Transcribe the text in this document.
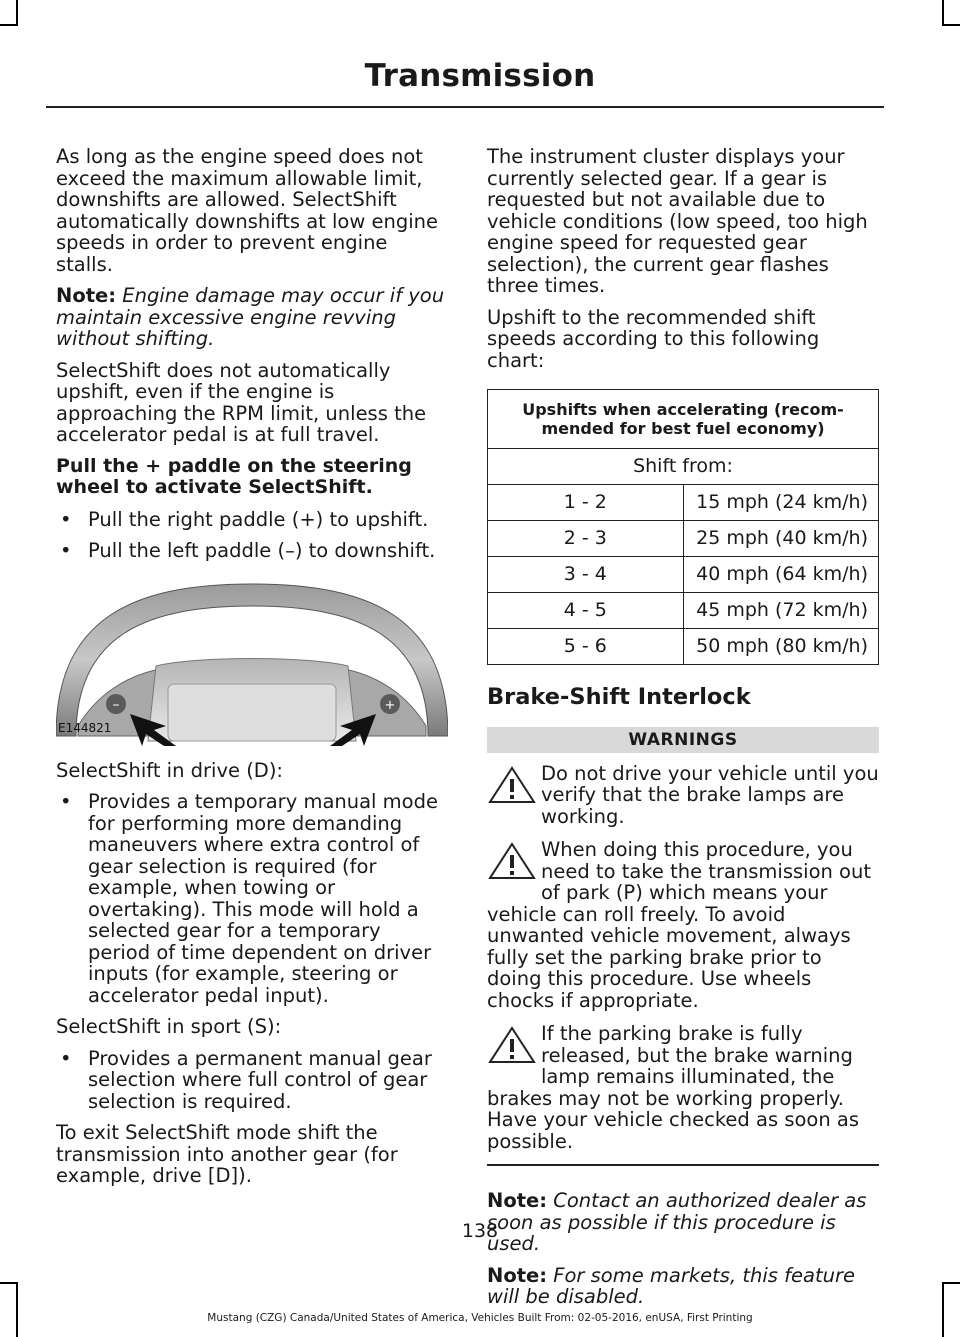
Transmission

As long as the engine speed does not exceed the maximum allowable limit, downshifts are allowed. SelectShift automatically downshifts at low engine speeds in order to prevent engine stalls.

Note: Engine damage may occur if you maintain excessive engine revving without shifting.

SelectShift does not automatically upshift, even if the engine is approaching the RPM limit, unless the accelerator pedal is at full travel.

Pull the + paddle on the steering wheel to activate SelectShift.

• Pull the right paddle (+) to upshift.
• Pull the left paddle (–) to downshift.
–	+
E144821

SelectShift in drive (D):

• Provides a temporary manual mode for performing more demanding maneuvers where extra control of gear selection is required (for example, when towing or overtaking). This mode will hold a selected gear for a temporary period of time dependent on driver inputs (for example, steering or accelerator pedal input).

SelectShift in sport (S):

• Provides a permanent manual gear selection where full control of gear selection is required.

To exit SelectShift mode shift the transmission into another gear (for example, drive [D]).

The instrument cluster displays your currently selected gear. If a gear is requested but not available due to vehicle conditions (low speed, too high engine speed for requested gear selection), the current gear flashes three times.

Upshift to the recommended shift speeds according to this following chart:

Upshifts when accelerating (recom- mended for best fuel economy)	
Shift from:	
1 - 2	15 mph (24 km/h)
2 - 3	25 mph (40 km/h)
3 - 4	40 mph (64 km/h)
4 - 5	45 mph (72 km/h)
5 - 6	50 mph (80 km/h)
Brake-Shift Interlock
WARNINGS
Do not drive your vehicle until you verify that the brake lamps are working.
When doing this procedure, you need to take the transmission out of park (P) which means your vehicle can roll freely. To avoid unwanted vehicle movement, always fully set the parking brake prior to doing this procedure. Use wheels chocks if appropriate.
If the parking brake is fully released, but the brake warning lamp remains illuminated, the brakes may not be working properly. Have your vehicle checked as soon as possible.

Note: Contact an authorized dealer as soon as possible if this procedure is used.

Note: For some markets, this feature will be disabled.

138
Mustang (CZG) Canada/United States of America, Vehicles Built From: 02-05-2016, enUSA, First Printing
